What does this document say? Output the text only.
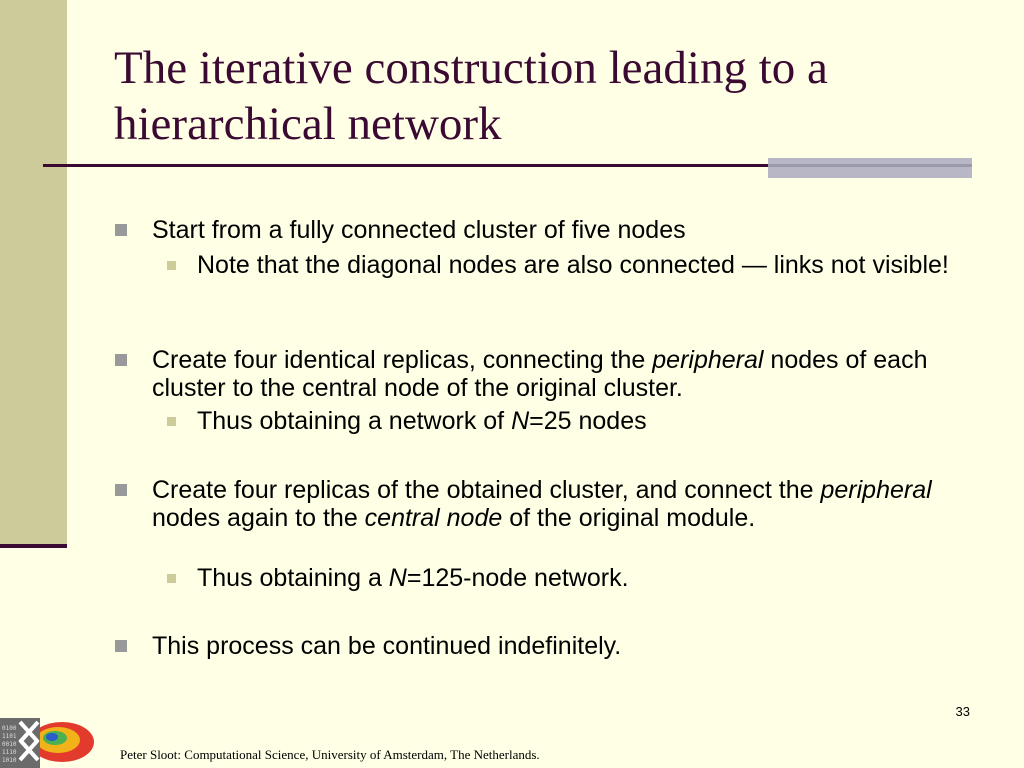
The iterative construction leading to a hierarchical network
Start from a fully connected cluster of five nodes
Note that the diagonal nodes are also connected — links not visible!
Create four identical replicas, connecting the peripheral nodes of each cluster to the central node of the original cluster.
Thus obtaining a network of N=25 nodes
Create four replicas of the obtained cluster, and connect the peripheral nodes again to the central node of the original module.
Thus obtaining a N=125-node network.
This process can be continued indefinitely.
33
0100
1101
0010
1110
1010	Peter Sloot: Computational Science, University of Amsterdam, The Netherlands.
